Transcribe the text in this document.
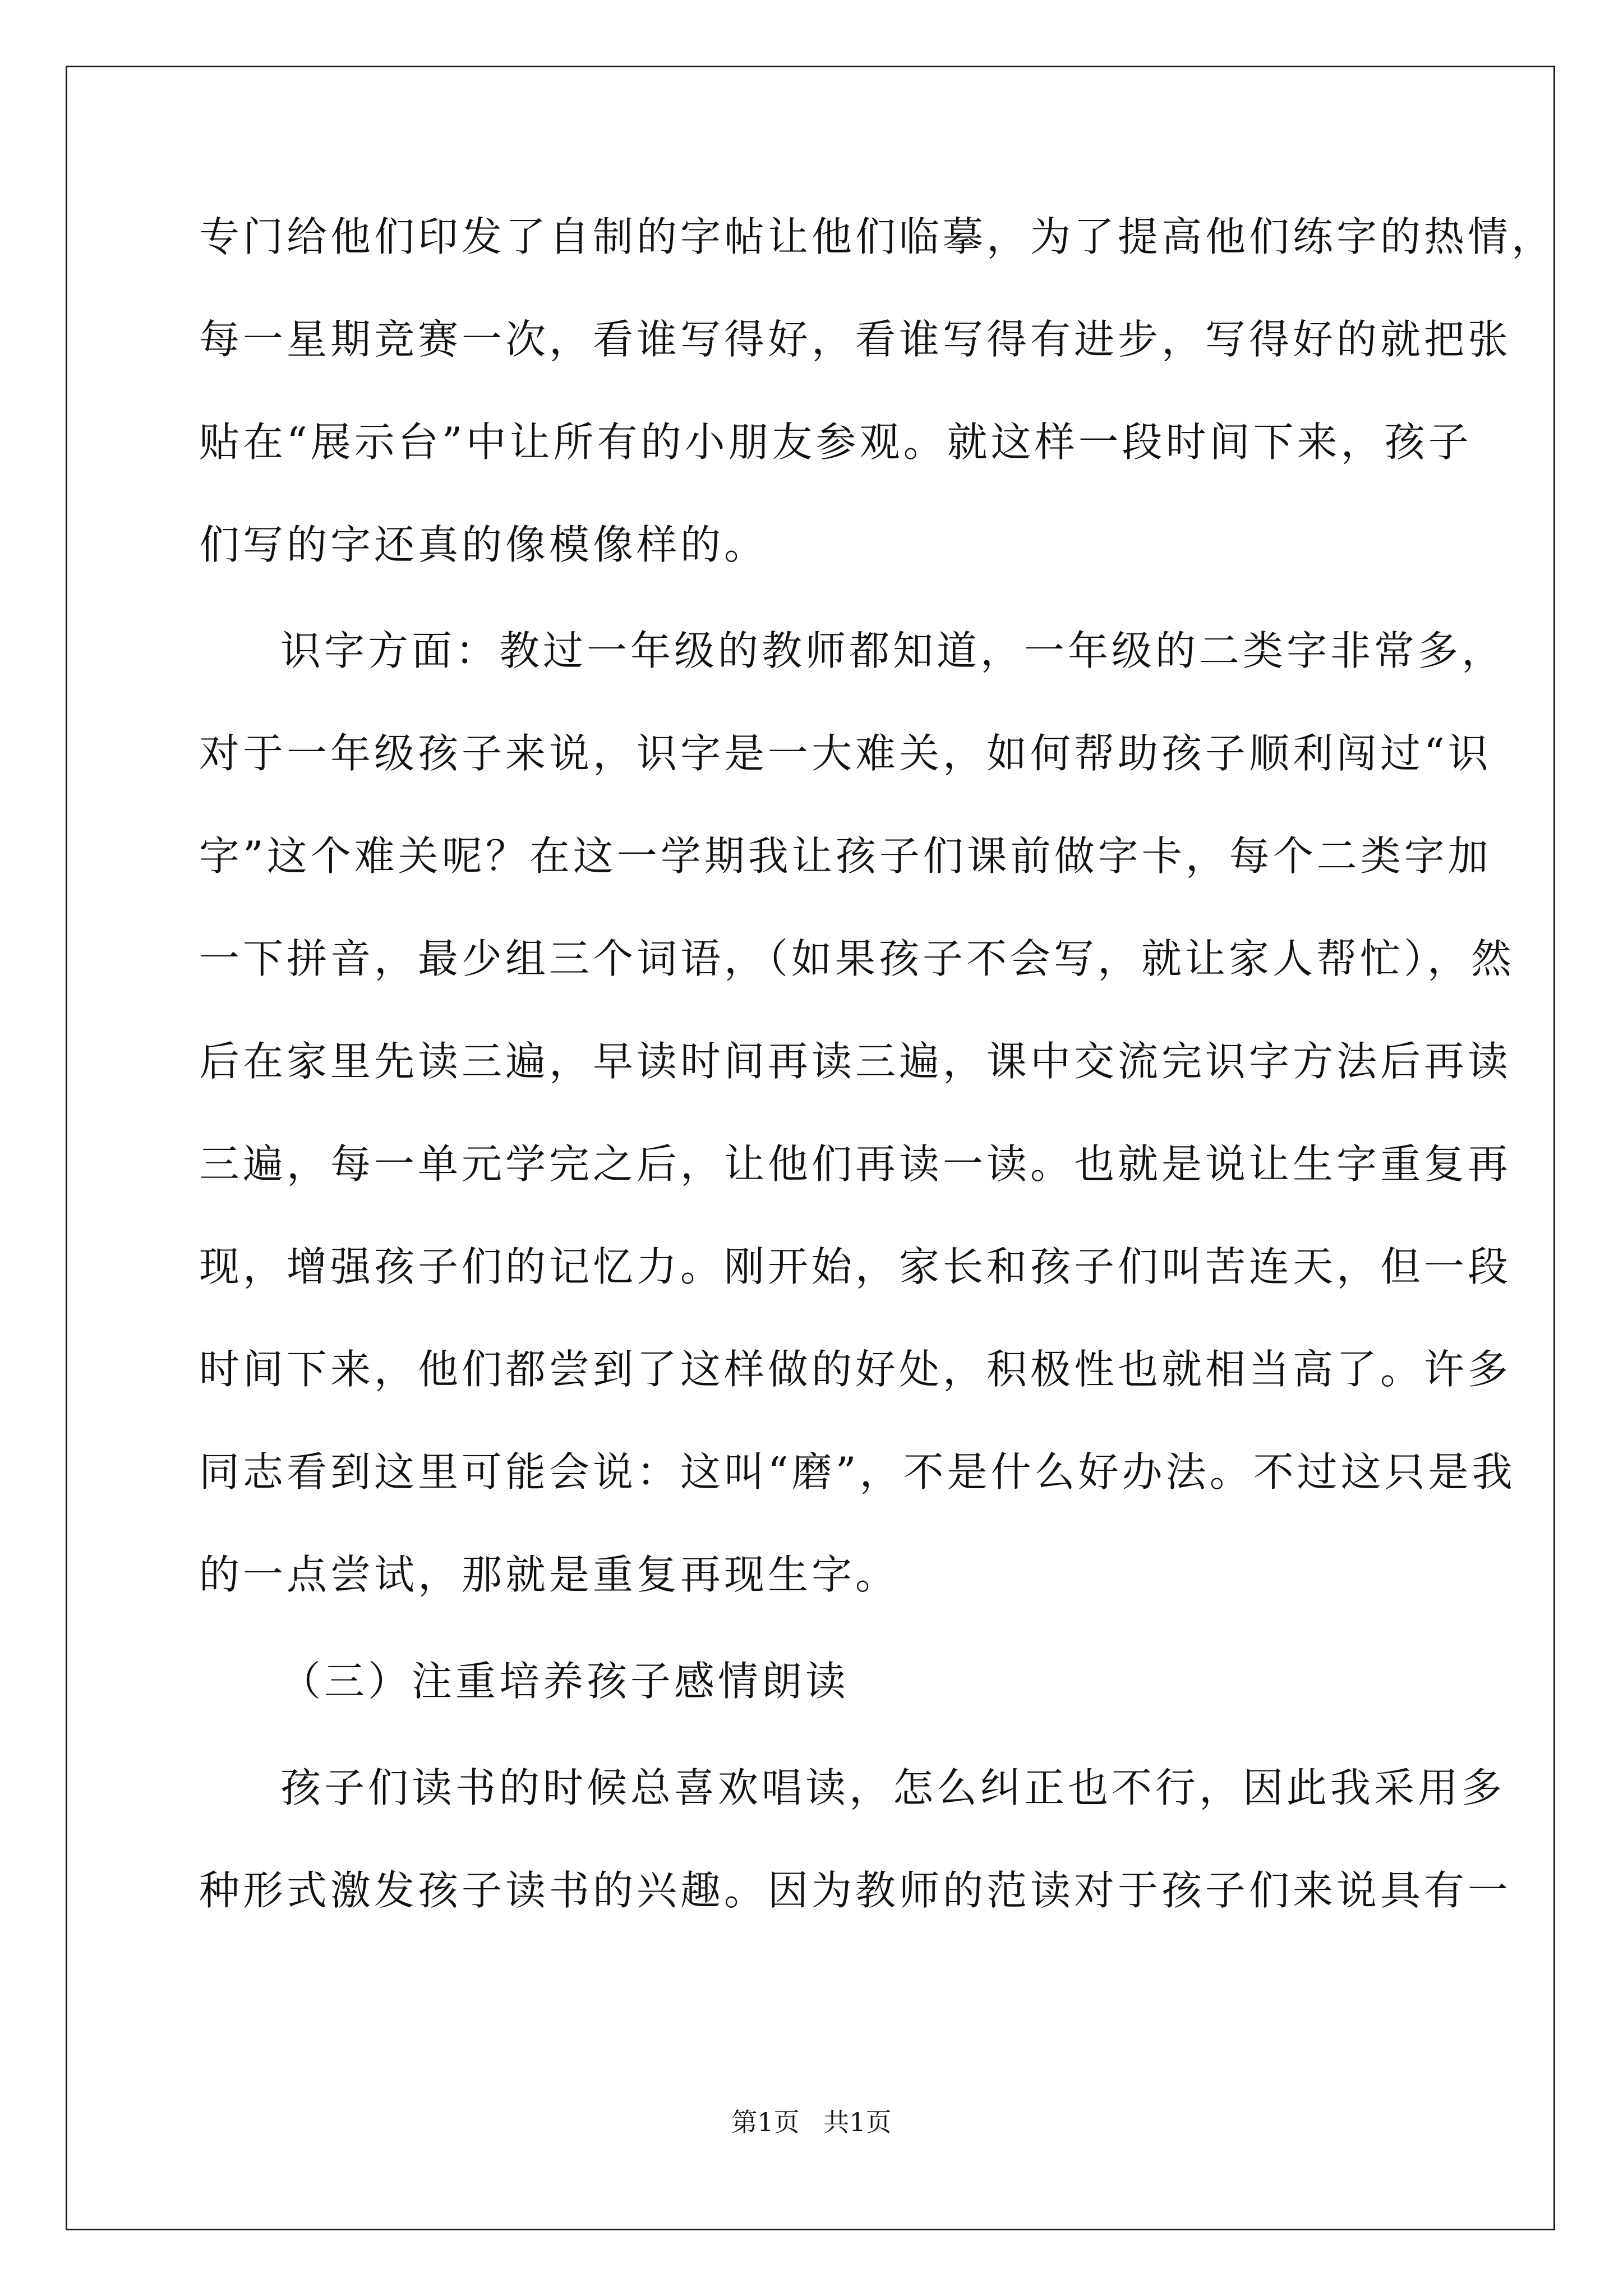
专门给他们印发了自制的字帖让他们临摹，为了提高他们练字的热情，
每一星期竞赛一次，看谁写得好，看谁写得有进步，写得好的就把张
贴在“展示台”中让所有的小朋友参观。就这样一段时间下来，孩子
们写的字还真的像模像样的。
识字方面：教过一年级的教师都知道，一年级的二类字非常多，
对于一年级孩子来说，识字是一大难关，如何帮助孩子顺利闯过“识
字”这个难关呢？在这一学期我让孩子们课前做字卡，每个二类字加
一下拼音，最少组三个词语，（如果孩子不会写，就让家人帮忙），然
后在家里先读三遍，早读时间再读三遍，课中交流完识字方法后再读
三遍，每一单元学完之后，让他们再读一读。也就是说让生字重复再
现，增强孩子们的记忆力。刚开始，家长和孩子们叫苦连天，但一段
时间下来，他们都尝到了这样做的好处，积极性也就相当高了。许多
同志看到这里可能会说：这叫“磨”，不是什么好办法。不过这只是我
的一点尝试，那就是重复再现生字。
（三）注重培养孩子感情朗读
孩子们读书的时候总喜欢唱读，怎么纠正也不行，因此我采用多
种形式激发孩子读书的兴趣。因为教师的范读对于孩子们来说具有一
第1页 共1页
